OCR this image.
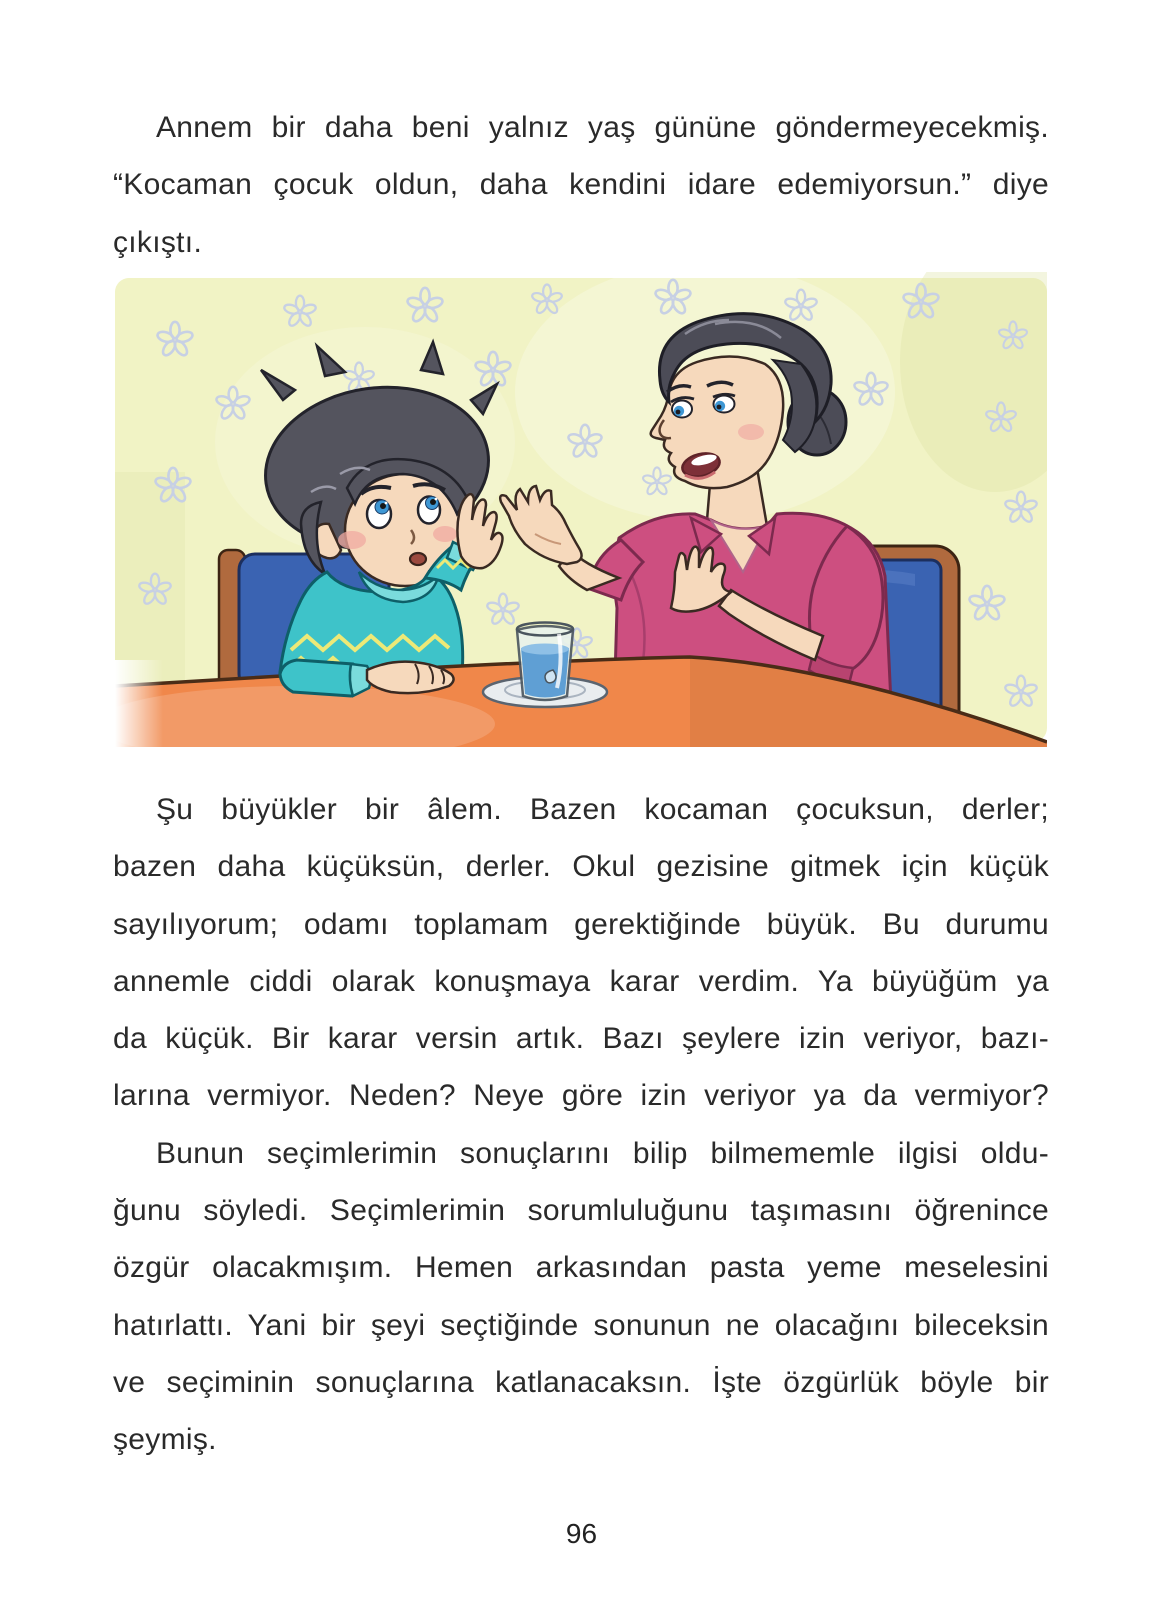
Annem bir daha beni yalnız yaş gününe göndermeyecekmiş.
“Kocaman çocuk oldun, daha kendini idare edemiyorsun.” diye
çıkıştı.
Şu büyükler bir âlem. Bazen kocaman çocuksun, derler;
bazen daha küçüksün, derler. Okul gezisine gitmek için küçük
sayılıyorum; odamı toplamam gerektiğinde büyük. Bu durumu
annemle ciddi olarak konuşmaya karar verdim. Ya büyüğüm ya
da küçük. Bir karar versin artık. Bazı şeylere izin veriyor, bazı-
larına vermiyor. Neden? Neye göre izin veriyor ya da vermiyor?
Bunun seçimlerimin sonuçlarını bilip bilmememle ilgisi oldu-
ğunu söyledi. Seçimlerimin sorumluluğunu taşımasını öğrenince
özgür olacakmışım. Hemen arkasından pasta yeme meselesini
hatırlattı. Yani bir şeyi seçtiğinde sonunun ne olacağını bileceksin
ve seçiminin sonuçlarına katlanacaksın. İşte özgürlük böyle bir
şeymiş.
96
